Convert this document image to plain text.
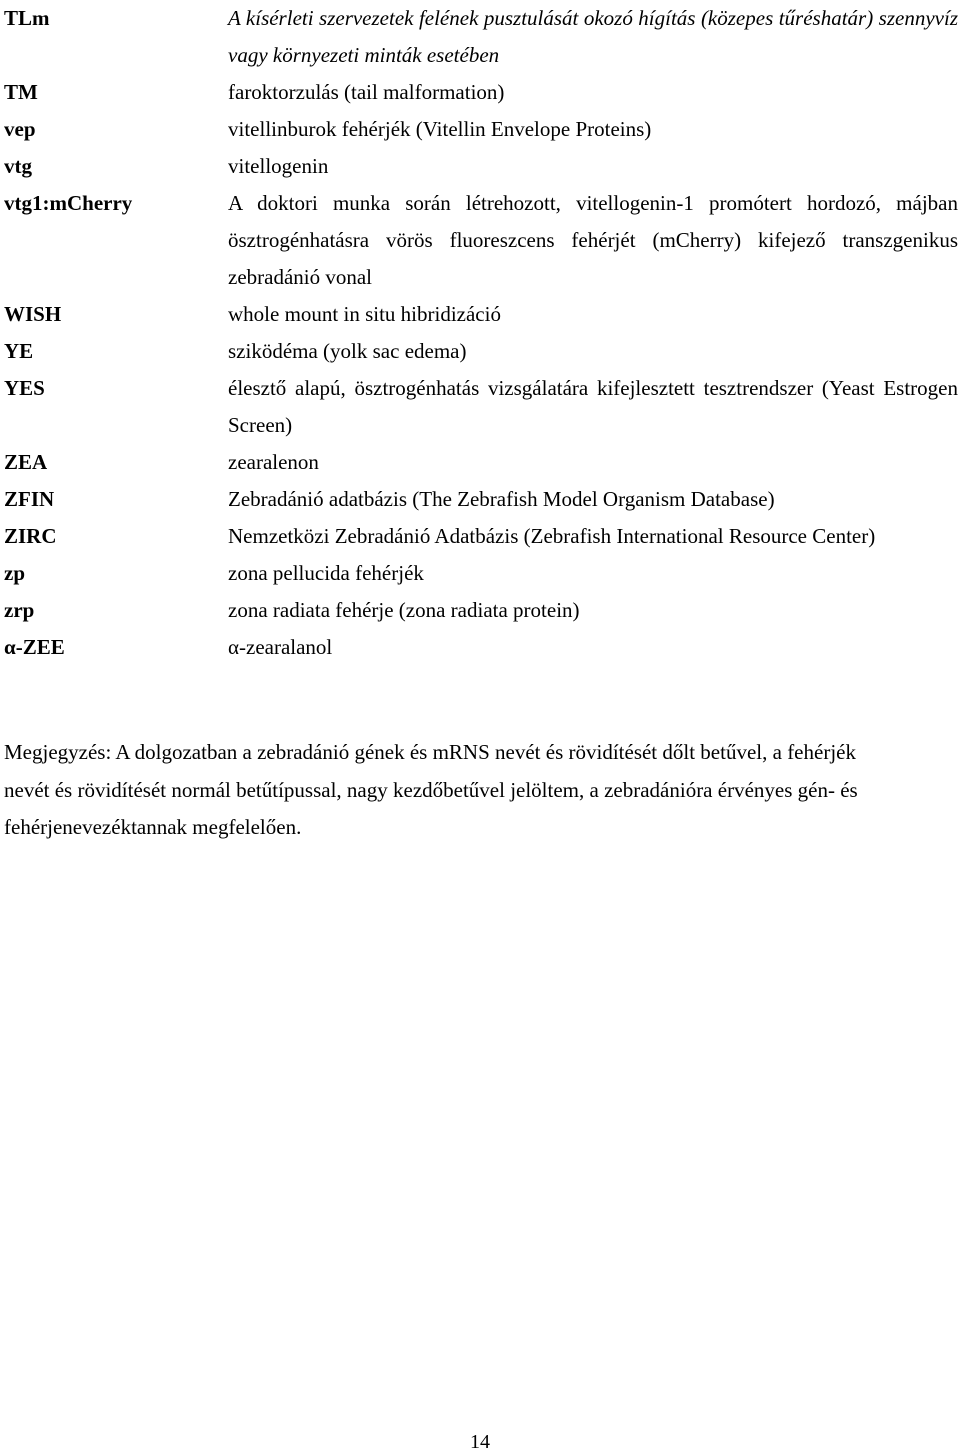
TLm	A kísérleti szervezetek felének pusztulását okozó hígítás (közepes tűréshatár) szennyvíz vagy környezeti minták esetében
TM	faroktorzulás (tail malformation)
vep	vitellinburok fehérjék (Vitellin Envelope Proteins)
vtg	vitellogenin
vtg1:mCherry	A doktori munka során létrehozott, vitellogenin-1 promótert hordozó, májban ösztrogénhatásra vörös fluoreszcens fehérjét (mCherry) kifejező transzgenikus zebradánió vonal
WISH	whole mount in situ hibridizáció
YE	sziködéma (yolk sac edema)
YES	élesztő alapú, ösztrogénhatás vizsgálatára kifejlesztett tesztrendszer (Yeast Estrogen Screen)
ZEA	zearalenon
ZFIN	Zebradánió adatbázis (The Zebrafish Model Organism Database)
ZIRC	Nemzetközi Zebradánió Adatbázis (Zebrafish International Resource Center)
zp	zona pellucida fehérjék
zrp	zona radiata fehérje (zona radiata protein)
α-ZEE	α-zearalanol
Megjegyzés: A dolgozatban a zebradánió gének és mRNS nevét és rövidítését dőlt betűvel, a fehérjék nevét és rövidítését normál betűtípussal, nagy kezdőbetűvel jelöltem, a zebradánióra érvényes gén- és fehérjenevezéktannak megfelelően.
14
